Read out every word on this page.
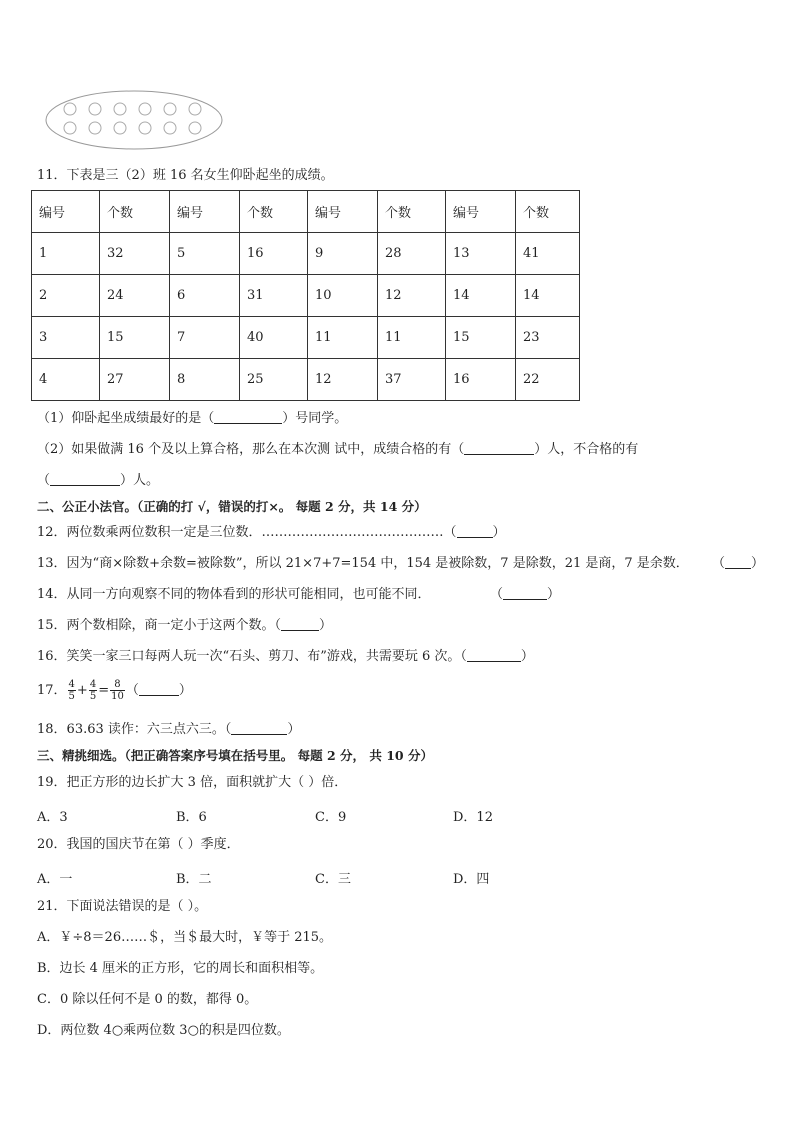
11．下表是三（2）班 16 名女生仰卧起坐的成绩。
编号	个数	编号	个数	编号	个数	编号	个数
1	32	5	16	9	28	13	41
2	24	6	31	10	12	14	14
3	15	7	40	11	11	15	23
4	27	8	25	12	37	16	22
（1）仰卧起坐成绩最好的是（	）号同学。
（2）如果做满 16 个及以上算合格，那么在本次测 试中，成绩合格的有（	）人，不合格的有
（	）人。
二、公正小法官。（正确的打 √，错误的打×。 每题 2 分，共 14 分）
12．两位数乘两位数积一定是三位数．……………………………………（	）
13．因为“商×除数+余数=被除数”，所以 21×7+7=154 中，154 是被除数，7 是除数，21 是商，7 是余数． （ ）
14．从同一方向观察不同的物体看到的形状可能相同，也可能不同．	（	）
15．两个数相除，商一定小于这两个数。（	）
16．笑笑一家三口每两人玩一次“石头、剪刀、布”游戏，共需要玩 6 次。（	）
17． $\frac{4}{5} + \frac{4}{5} = \frac{8}{10}$ （	）
18．63.63 读作：六三点六三。（	）
三、精挑细选。（把正确答案序号填在括号里。 每题 2 分， 共 10 分）
19．把正方形的边长扩大 3 倍，面积就扩大（ ）倍．
A．3	B．6	C．9	D．12
20．我国的国庆节在第（ ）季度．
A．一	B．二	C．三	D．四
21．下面说法错误的是（ ）。
A．￥÷8＝26……＄，当＄最大时，￥等于 215。
B．边长 4 厘米的正方形，它的周长和面积相等。
C．0 除以任何不是 0 的数，都得 0。
D．两位数 4○乘两位数 3○的积是四位数。
